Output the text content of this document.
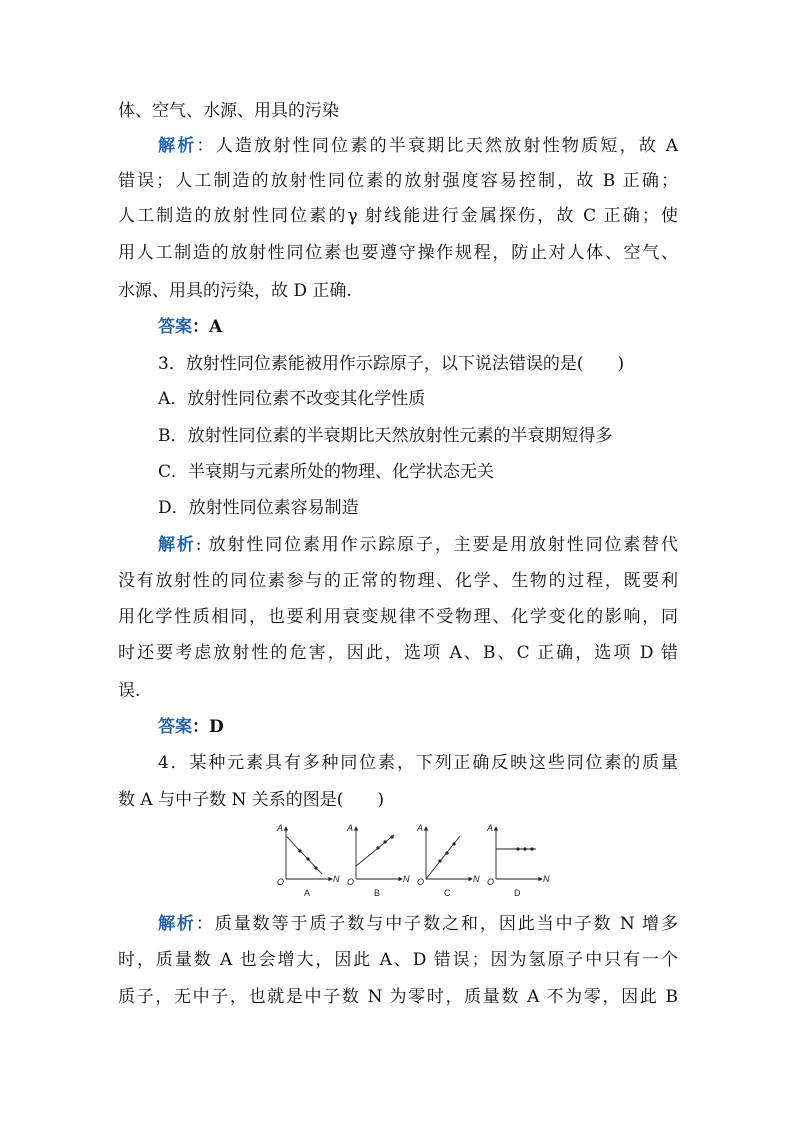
体、空气、水源、用具的污染
解析：人造放射性同位素的半衰期比天然放射性物质短，故 A
错误；人工制造的放射性同位素的放射强度容易控制，故 B 正确；
人工制造的放射性同位素的γ 射线能进行金属探伤，故 C 正确；使
用人工制造的放射性同位素也要遵守操作规程，防止对人体、空气、
水源、用具的污染，故 D 正确.
答案：A
3．放射性同位素能被用作示踪原子，以下说法错误的是(　　)
A．放射性同位素不改变其化学性质
B．放射性同位素的半衰期比天然放射性元素的半衰期短得多
C．半衰期与元素所处的物理、化学状态无关
D．放射性同位素容易制造
解析: 放射性同位素用作示踪原子，主要是用放射性同位素替代
没有放射性的同位素参与的正常的物理、化学、生物的过程，既要利
用化学性质相同，也要利用衰变规律不受物理、化学变化的影响，同
时还要考虑放射性的危害，因此，选项 A、B、C 正确，选项 D 错
误.
答案：D
4．某种元素具有多种同位素，下列正确反映这些同位素的质量
数 A 与中子数 N 关系的图是(　　)
A
N
O
A
A
N
O
B
A
N
O
C
A
N
O
D
解析：质量数等于质子数与中子数之和，因此当中子数 N 增多
时，质量数 A 也会增大，因此 A、D 错误；因为氢原子中只有一个
质子，无中子，也就是中子数 N 为零时，质量数 A 不为零，因此 B
